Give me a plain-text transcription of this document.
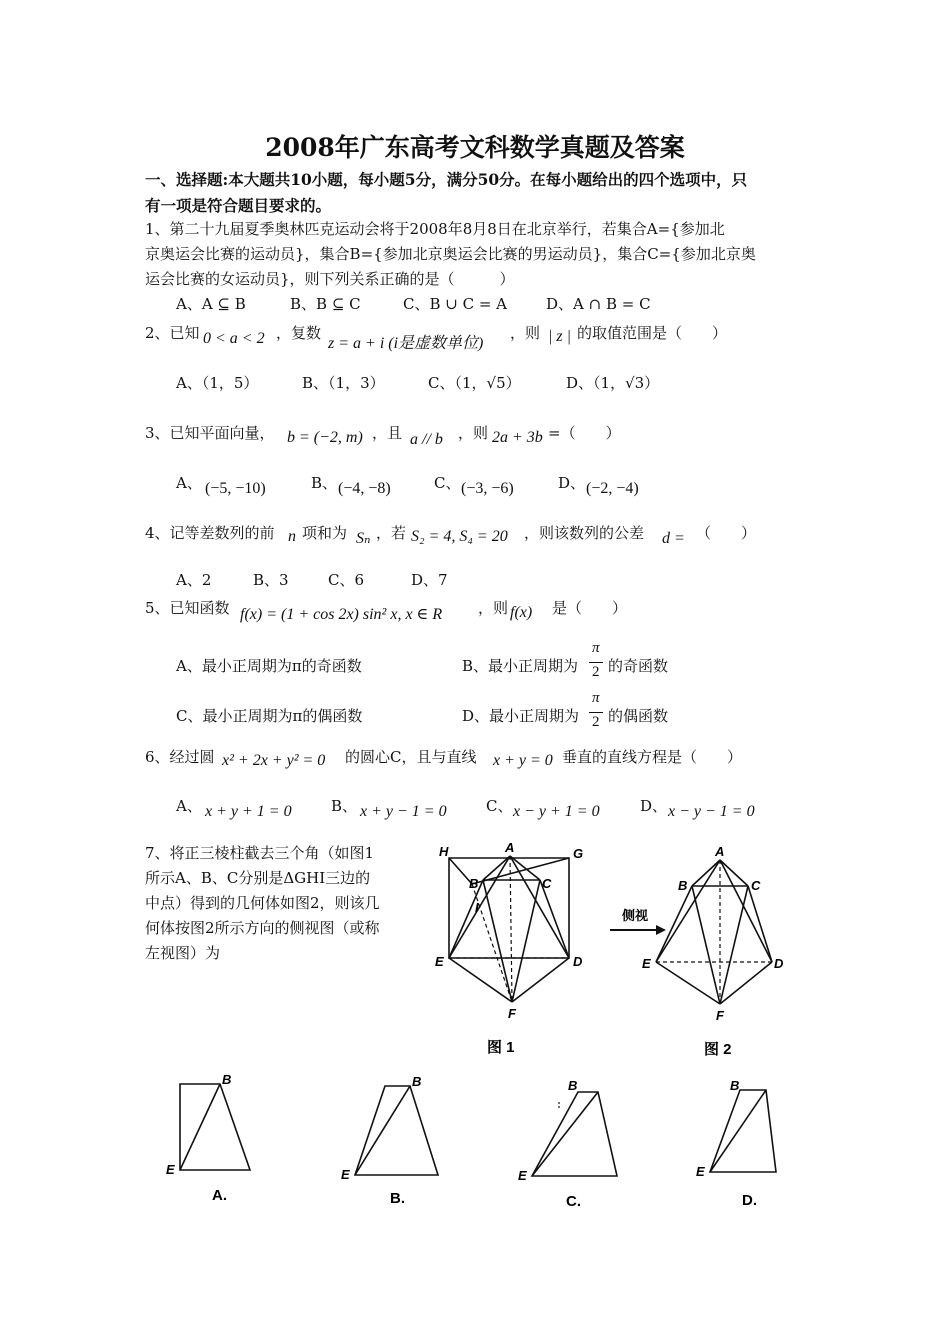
2008年广东高考文科数学真题及答案
一、选择题:本大题共10小题，每小题5分，满分50分。在每小题给出的四个选项中，只
有一项是符合题目要求的。
1、第二十九届夏季奥林匹克运动会将于2008年8月8日在北京举行，若集合A={参加北
京奥运会比赛的运动员}，集合B={参加北京奥运会比赛的男运动员}，集合C={参加北京奥
运会比赛的女运动员}，则下列关系正确的是（　　　）
A、A ⊆ B	B、B ⊆ C	C、B ∪ C = A	D、A ∩ B = C
2、已知 0 < a < 2 ，复数
z = a + i (i是虚数单位)
，则 | z | 的取值范围是（　　）
A、（1，5）	B、（1，3）	C、（1，√5）	D、（1，√3）
3、已知平面向量， b = (−2, m) ，且 a // b ，则 2a + 3b =（　　）
A、 (−5, −10)	B、 (−4, −8)	C、 (−3, −6)	D、 (−2, −4)
4、记等差数列的前 n 项和为 Sₙ ，若 S₂ = 4, S₄ = 20 ，则该数列的公差 d = （　　）
A、2	B、3	C、6	D、7
5、已知函数 f(x) = (1 + cos 2x) sin² x, x ∈ R ，则 f(x) 是（　　）
A、最小正周期为π的奇函数	B、最小正周期为
π
2 的奇函数
C、最小正周期为π的偶函数	D、最小正周期为
π
2 的偶函数
6、经过圆 x² + 2x + y² = 0 的圆心C，且与直线 x + y = 0 垂直的直线方程是（　　）
A、 x + y + 1 = 0	B、 x + y − 1 = 0	C、 x − y + 1 = 0	D、 x − y − 1 = 0
7、将正三棱柱截去三个角（如图1
所示A、B、C分别是ΔGHI三边的
中点）得到的几何体如图2，则该几
何体按图2所示方向的侧视图（或称
左视图）为
H	A	G
B	C
I
E	D
F
图 1
侧视
A
B	C
E	D
F
图 2
B
E
A.
B
E
B.
B
E
C.
B
E
D.
